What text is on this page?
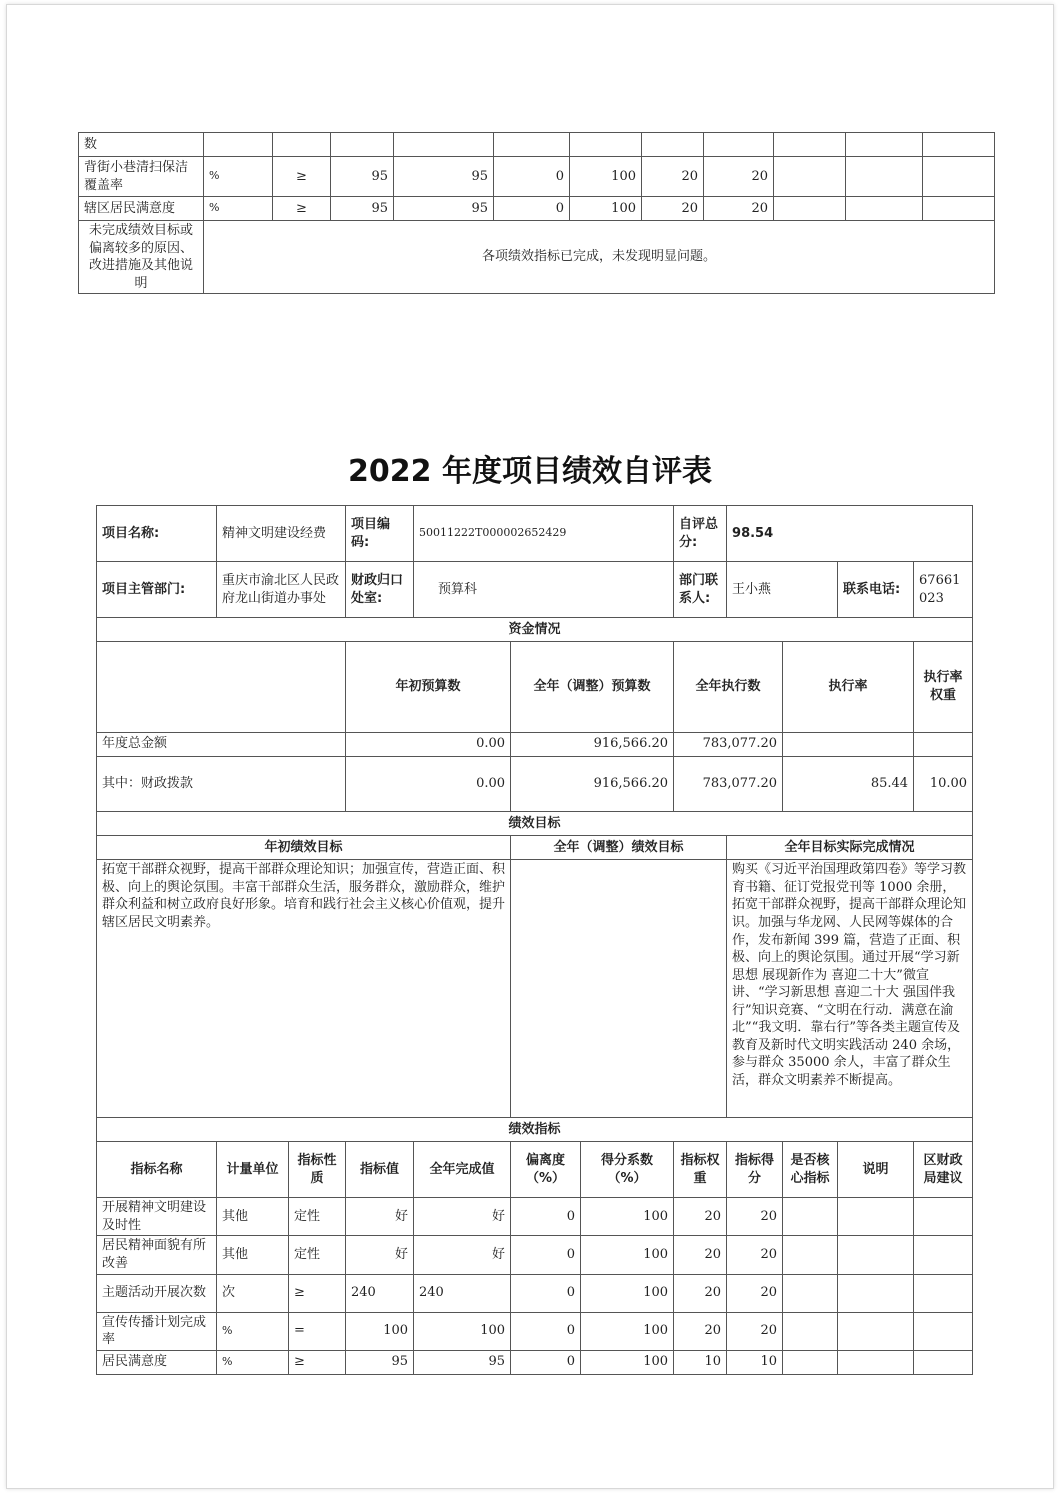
数											
背街小巷清扫保洁覆盖率	%	≥	95	95	0	100	20	20			
辖区居民满意度	%	≥	95	95	0	100	20	20			
未完成绩效目标或偏离较多的原因、改进措施及其他说明	各项绩效指标已完成，未发现明显问题。										
2022 年度项目绩效自评表
项目名称:	精神文明建设经费		项目编码:	50011222T000002652429			自评总分:	98.54				
项目主管部门:	重庆市渝北区人民政府龙山街道办事处		财政归口处室:	预算科			部门联系人:	王小燕		联系电话:	67661023	
资金情况												
			年初预算数		全年（调整）预算数		全年执行数		执行率		执行率权重	
年度总金额			0.00		916,566.20		783,077.20					
其中：财政拨款			0.00		916,566.20		783,077.20		85.44		10.00	
绩效目标												
年初绩效目标					全年（调整）绩效目标			全年目标实际完成情况				
拓宽干部群众视野，提高干部群众理论知识；加强宣传，营造正面、积极、向上的舆论氛围。丰富干部群众生活，服务群众，激励群众，维护群众利益和树立政府良好形象。培育和践行社会主义核心价值观，提升辖区居民文明素养。								购买《习近平治国理政第四卷》等学习教育书籍、征订党报党刊等 1000 余册，拓宽干部群众视野，提高干部群众理论知识。加强与华龙网、人民网等媒体的合作，发布新闻 399 篇，营造了正面、积极、向上的舆论氛围。通过开展“学习新思想 展现新作为 喜迎二十大”微宣讲、“学习新思想 喜迎二十大 强国伴我行”知识竞赛、“文明在行动．满意在渝北”“我文明．靠右行”等各类主题宣传及教育及新时代文明实践活动 240 余场，参与群众 35000 余人，丰富了群众生活，群众文明素养不断提高。				
绩效指标												
指标名称	计量单位	指标性质	指标值	全年完成值	偏离度（%）	得分系数（%）	指标权重	指标得分	是否核心指标	说明	区财政局建议	
开展精神文明建设及时性	其他	定性	好	好	0	100	20	20				
居民精神面貌有所改善	其他	定性	好	好	0	100	20	20				
主题活动开展次数	次	≥	240	240	0	100	20	20				
宣传传播计划完成率	%	=	100	100	0	100	20	20				
居民满意度	%	≥	95	95	0	100	10	10				
